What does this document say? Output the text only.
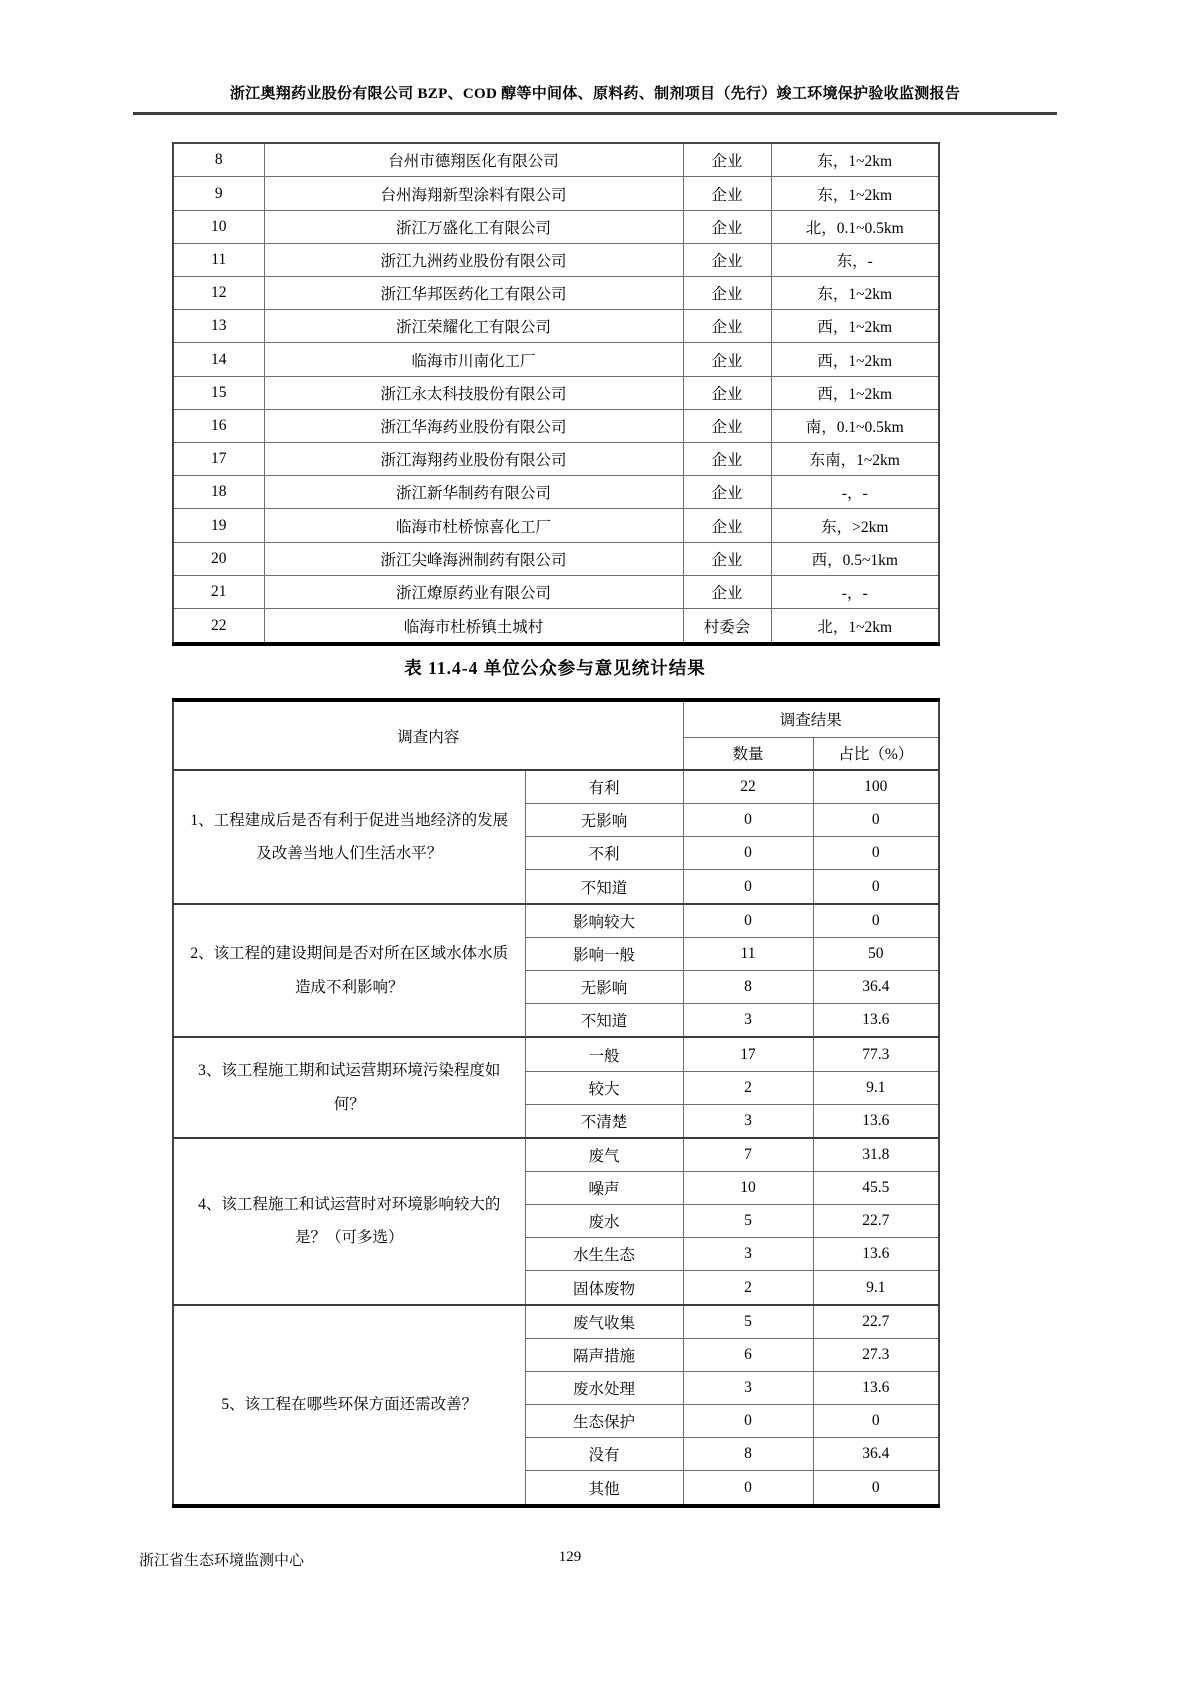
浙江奥翔药业股份有限公司 BZP、COD 醇等中间体、原料药、制剂项目（先行）竣工环境保护验收监测报告
8	台州市德翔医化有限公司	企业	东，1~2km
9	台州海翔新型涂料有限公司	企业	东，1~2km
10	浙江万盛化工有限公司	企业	北，0.1~0.5km
11	浙江九洲药业股份有限公司	企业	东，-
12	浙江华邦医药化工有限公司	企业	东，1~2km
13	浙江荣耀化工有限公司	企业	西，1~2km
14	临海市川南化工厂	企业	西，1~2km
15	浙江永太科技股份有限公司	企业	西，1~2km
16	浙江华海药业股份有限公司	企业	南，0.1~0.5km
17	浙江海翔药业股份有限公司	企业	东南，1~2km
18	浙江新华制药有限公司	企业	-，-
19	临海市杜桥惊喜化工厂	企业	东，>2km
20	浙江尖峰海洲制药有限公司	企业	西，0.5~1km
21	浙江燎原药业有限公司	企业	-，-
22	临海市杜桥镇土城村	村委会	北，1~2km
表 11.4-4 单位公众参与意见统计结果
调查内容		调查结果	
		数量	占比（%）
1、工程建成后是否有利于促进当地经济的发展及改善当地人们生活水平？	有利	22	100
	无影响	0	0
	不利	0	0
	不知道	0	0
2、该工程的建设期间是否对所在区域水体水质造成不利影响？	影响较大	0	0
	影响一般	11	50
	无影响	8	36.4
	不知道	3	13.6
3、该工程施工期和试运营期环境污染程度如何？	一般	17	77.3
	较大	2	9.1
	不清楚	3	13.6
4、该工程施工和试运营时对环境影响较大的是？（可多选）	废气	7	31.8
	噪声	10	45.5
	废水	5	22.7
	水生生态	3	13.6
	固体废物	2	9.1
5、该工程在哪些环保方面还需改善？	废气收集	5	22.7
	隔声措施	6	27.3
	废水处理	3	13.6
	生态保护	0	0
	没有	8	36.4
	其他	0	0
浙江省生态环境监测中心	129
